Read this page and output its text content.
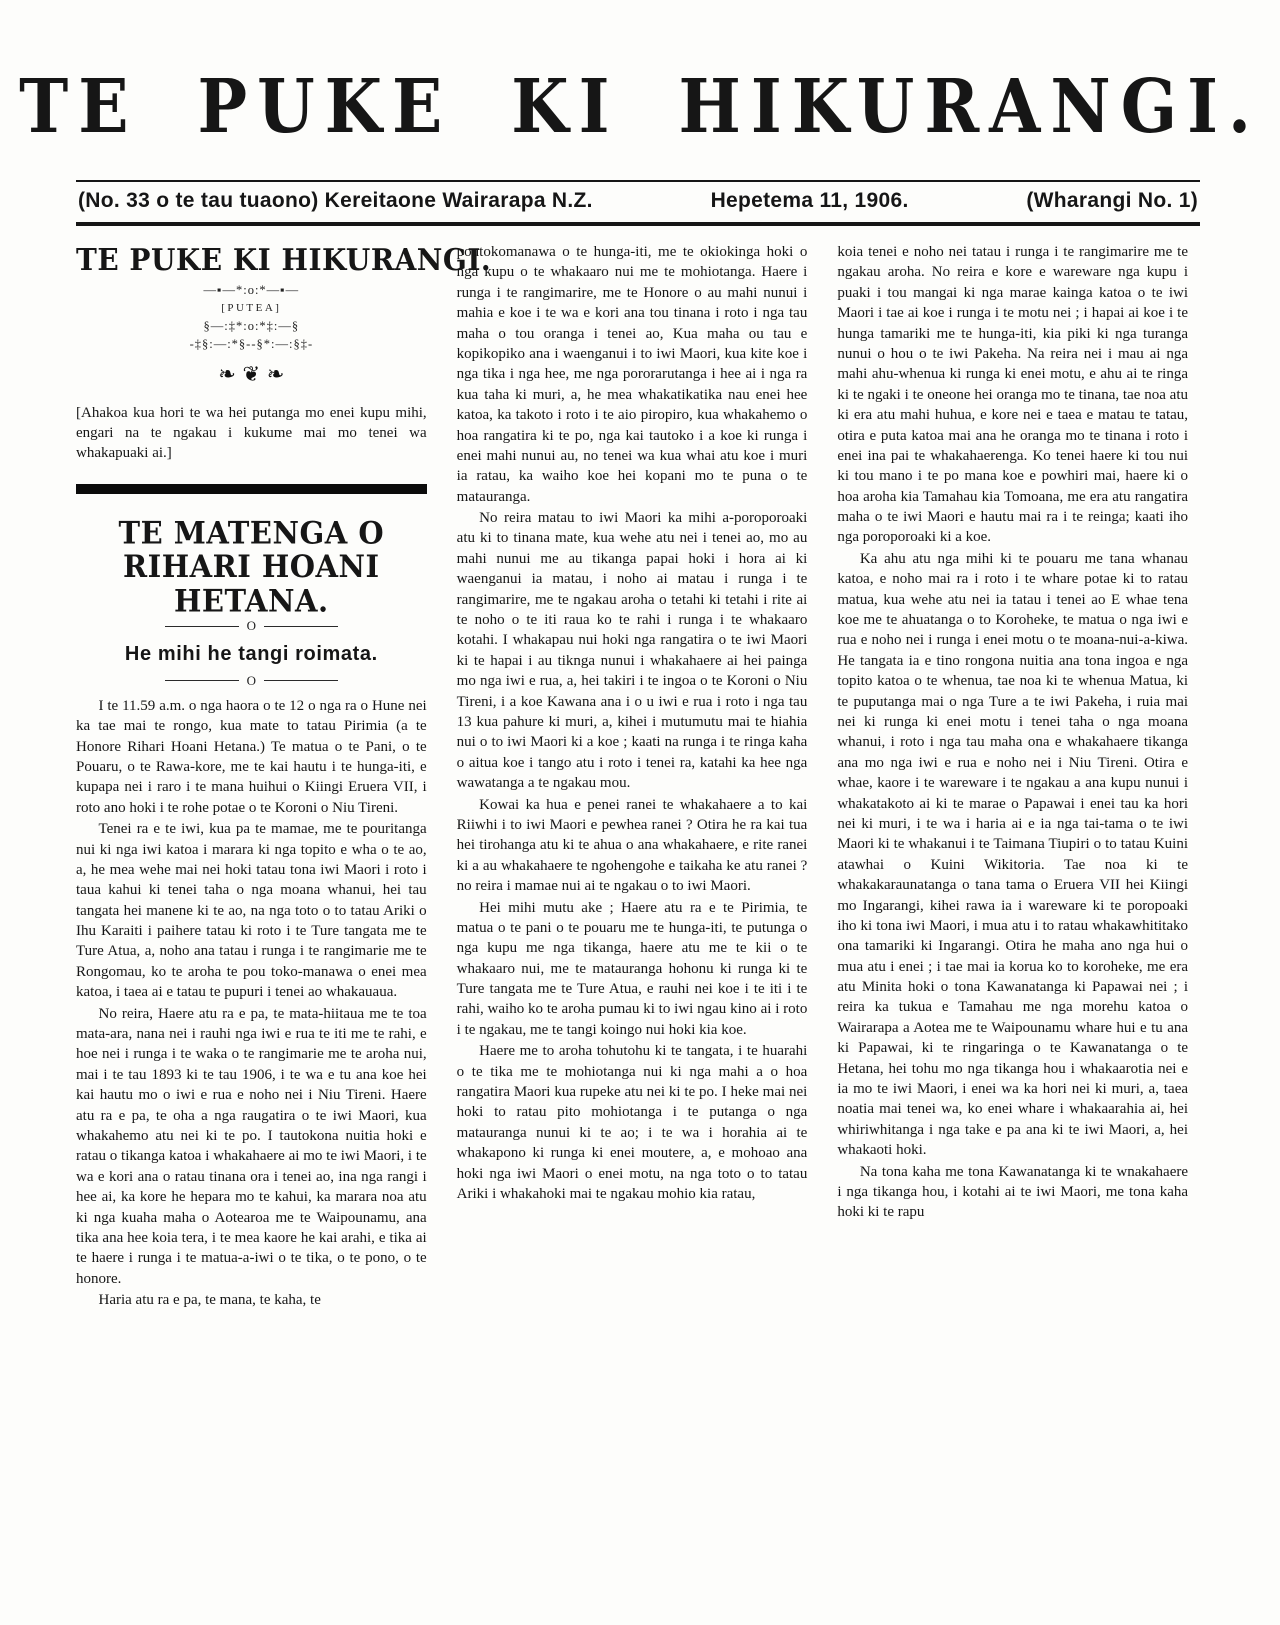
TE PUKE KI HIKURANGI.
(No. 33 o te tau tuaono) Kereitaone Wairarapa N.Z.	Hepetema 11, 1906.	(Wharangi No. 1)
TE PUKE KI HIKURANGI.
—▪—*:o:*—▪—
[PUTEA]
§—:‡*:o:*‡:—§
-‡§:—:*§--§*:—:§‡-
❧ ❦ ❧

[Ahakoa kua hori te wa hei putanga mo enei kupu mihi, engari na te ngakau i kukume mai mo tenei wa whakapuaki ai.]

TE MATENGA O RIHARI HOANI HETANA.
O
He mihi he tangi roimata.
O

I te 11.59 a.m. o nga haora o te 12 o nga ra o Hune nei ka tae mai te rongo, kua mate to tatau Pirimia (a te Honore Rihari Hoani Hetana.) Te matua o te Pani, o te Pouaru, o te Rawa-kore, me te kai hautu i te hunga-iti, e kupapa nei i raro i te mana huihui o Kiingi Eruera VII, i roto ano hoki i te rohe potae o te Koroni o Niu Tireni.

Tenei ra e te iwi, kua pa te mamae, me te pouritanga nui ki nga iwi katoa i marara ki nga topito e wha o te ao, a, he mea wehe mai nei hoki tatau tona iwi Maori i roto i taua kahui ki tenei taha o nga moana whanui, hei tau tangata hei manene ki te ao, na nga toto o to tatau Ariki o Ihu Karaiti i paihere tatau ki roto i te Ture tangata me te Ture Atua, a, noho ana tatau i runga i te rangimarie me te Rongomau, ko te aroha te pou toko-manawa o enei mea katoa, i taea ai e tatau te pupuri i tenei ao whakauaua.

No reira, Haere atu ra e pa, te mata-hiitaua me te toa mata-ara, nana nei i rauhi nga iwi e rua te iti me te rahi, e hoe nei i runga i te waka o te rangimarie me te aroha nui, mai i te tau 1893 ki te tau 1906, i te wa e tu ana koe hei kai hautu mo o iwi e rua e noho nei i Niu Tireni. Haere atu ra e pa, te oha a nga raugatira o te iwi Maori, kua whakahemo atu nei ki te po. I tautokona nuitia hoki e ratau o tikanga katoa i whakahaere ai mo te iwi Maori, i te wa e kori ana o ratau tinana ora i tenei ao, ina nga rangi i hee ai, ka kore he hepara mo te kahui, ka marara noa atu ki nga kuaha maha o Aotearoa me te Waipounamu, ana tika ana hee koia tera, i te mea kaore he kai arahi, e tika ai te haere i runga i te matua-a-iwi o te tika, o te pono, o te honore.

Haria atu ra e pa, te mana, te kaha, te

poutokomanawa o te hunga-iti, me te okiokinga hoki o nga kupu o te whakaaro nui me te mohiotanga. Haere i runga i te rangimarire, me te Honore o au mahi nunui i mahia e koe i te wa e kori ana tou tinana i roto i nga tau maha o tou oranga i tenei ao, Kua maha ou tau e kopikopiko ana i waenganui i to iwi Maori, kua kite koe i nga tika i nga hee, me nga pororarutanga i hee ai i nga ra kua taha ki muri, a, he mea whakatikatika nau enei hee katoa, ka takoto i roto i te aio piropiro, kua whakahemo o hoa rangatira ki te po, nga kai tautoko i a koe ki runga i enei mahi nunui au, no tenei wa kua whai atu koe i muri ia ratau, ka waiho koe hei kopani mo te puna o te matauranga.

No reira matau to iwi Maori ka mihi a-poroporoaki atu ki to tinana mate, kua wehe atu nei i tenei ao, mo au mahi nunui me au tikanga papai hoki i hora ai ki waenganui ia matau, i noho ai matau i runga i te rangimarire, me te ngakau aroha o tetahi ki tetahi i rite ai te noho o te iti raua ko te rahi i runga i te whakaaro kotahi. I whakapau nui hoki nga rangatira o te iwi Maori ki te hapai i au tiknga nunui i whakahaere ai hei painga mo nga iwi e rua, a, hei takiri i te ingoa o te Koroni o Niu Tireni, i a koe Kawana ana i o u iwi e rua i roto i nga tau 13 kua pahure ki muri, a, kihei i mutumutu mai te hiahia nui o to iwi Maori ki a koe ; kaati na runga i te ringa kaha o aitua koe i tango atu i roto i tenei ra, katahi ka hee nga wawatanga a te ngakau mou.

Kowai ka hua e penei ranei te whakahaere a to kai Riiwhi i to iwi Maori e pewhea ranei ? Otira he ra kai tua hei tirohanga atu ki te ahua o ana whakahaere, e rite ranei ki a au whakahaere te ngohengohe e taikaha ke atu ranei ? no reira i mamae nui ai te ngakau o to iwi Maori.

Hei mihi mutu ake ; Haere atu ra e te Pirimia, te matua o te pani o te pouaru me te hunga-iti, te putunga o nga kupu me nga tikanga, haere atu me te kii o te whakaaro nui, me te matauranga hohonu ki runga ki te Ture tangata me te Ture Atua, e rauhi nei koe i te iti i te rahi, waiho ko te aroha pumau ki to iwi ngau kino ai i roto i te ngakau, me te tangi koingo nui hoki kia koe.

Haere me to aroha tohutohu ki te tangata, i te huarahi o te tika me te mohiotanga nui ki nga mahi a o hoa rangatira Maori kua rupeke atu nei ki te po. I heke mai nei hoki to ratau pito mohiotanga i te putanga o nga matauranga nunui ki te ao; i te wa i horahia ai te whakapono ki runga ki enei moutere, a, e mohoao ana hoki nga iwi Maori o enei motu, na nga toto o to tatau Ariki i whakahoki mai te ngakau mohio kia ratau,

koia tenei e noho nei tatau i runga i te rangimarire me te ngakau aroha. No reira e kore e wareware nga kupu i puaki i tou mangai ki nga marae kainga katoa o te iwi Maori i tae ai koe i runga i te motu nei ; i hapai ai koe i te hunga tamariki me te hunga-iti, kia piki ki nga turanga nunui o hou o te iwi Pakeha. Na reira nei i mau ai nga mahi ahu-whenua ki runga ki enei motu, e ahu ai te ringa ki te ngaki i te oneone hei oranga mo te tinana, tae noa atu ki era atu mahi huhua, e kore nei e taea e matau te tatau, otira e puta katoa mai ana he oranga mo te tinana i roto i enei ina pai te whakahaerenga. Ko tenei haere ki tou nui ki tou mano i te po mana koe e powhiri mai, haere ki o hoa aroha kia Tamahau kia Tomoana, me era atu rangatira maha o te iwi Maori e hautu mai ra i te reinga; kaati iho nga poroporoaki ki a koe.

Ka ahu atu nga mihi ki te pouaru me tana whanau katoa, e noho mai ra i roto i te whare potae ki to ratau matua, kua wehe atu nei ia tatau i tenei ao E whae tena koe me te ahuatanga o to Koroheke, te matua o nga iwi e rua e noho nei i runga i enei motu o te moana-nui-a-kiwa. He tangata ia e tino rongona nuitia ana tona ingoa e nga topito katoa o te whenua, tae noa ki te whenua Matua, ki te puputanga mai o nga Ture a te iwi Pakeha, i ruia mai nei ki runga ki enei motu i tenei taha o nga moana whanui, i roto i nga tau maha ona e whakahaere tikanga ana mo nga iwi e rua e noho nei i Niu Tireni. Otira e whae, kaore i te wareware i te ngakau a ana kupu nunui i whakatakoto ai ki te marae o Papawai i enei tau ka hori nei ki muri, i te wa i haria ai e ia nga tai-tama o te iwi Maori ki te whakanui i te Taimana Tiupiri o to tatau Kuini atawhai o Kuini Wikitoria. Tae noa ki te whakakaraunatanga o tana tama o Eruera VII hei Kiingi mo Ingarangi, kihei rawa ia i wareware ki te poropoaki iho ki tona iwi Maori, i mua atu i to ratau whakawhititako ona tamariki ki Ingarangi. Otira he maha ano nga hui o mua atu i enei ; i tae mai ia korua ko to koroheke, me era atu Minita hoki o tona Kawanatanga ki Papawai nei ; i reira ka tukua e Tamahau me nga morehu katoa o Wairarapa a Aotea me te Waipounamu whare hui e tu ana ki Papawai, ki te ringaringa o te Kawanatanga o te Hetana, hei tohu mo nga tikanga hou i whakaarotia nei e ia mo te iwi Maori, i enei wa ka hori nei ki muri, a, taea noatia mai tenei wa, ko enei whare i whakaarahia ai, hei whiriwhitanga i nga take e pa ana ki te iwi Maori, a, hei whakaoti hoki.

Na tona kaha me tona Kawanatanga ki te wnakahaere i nga tikanga hou, i kotahi ai te iwi Maori, me tona kaha hoki ki te rapu
